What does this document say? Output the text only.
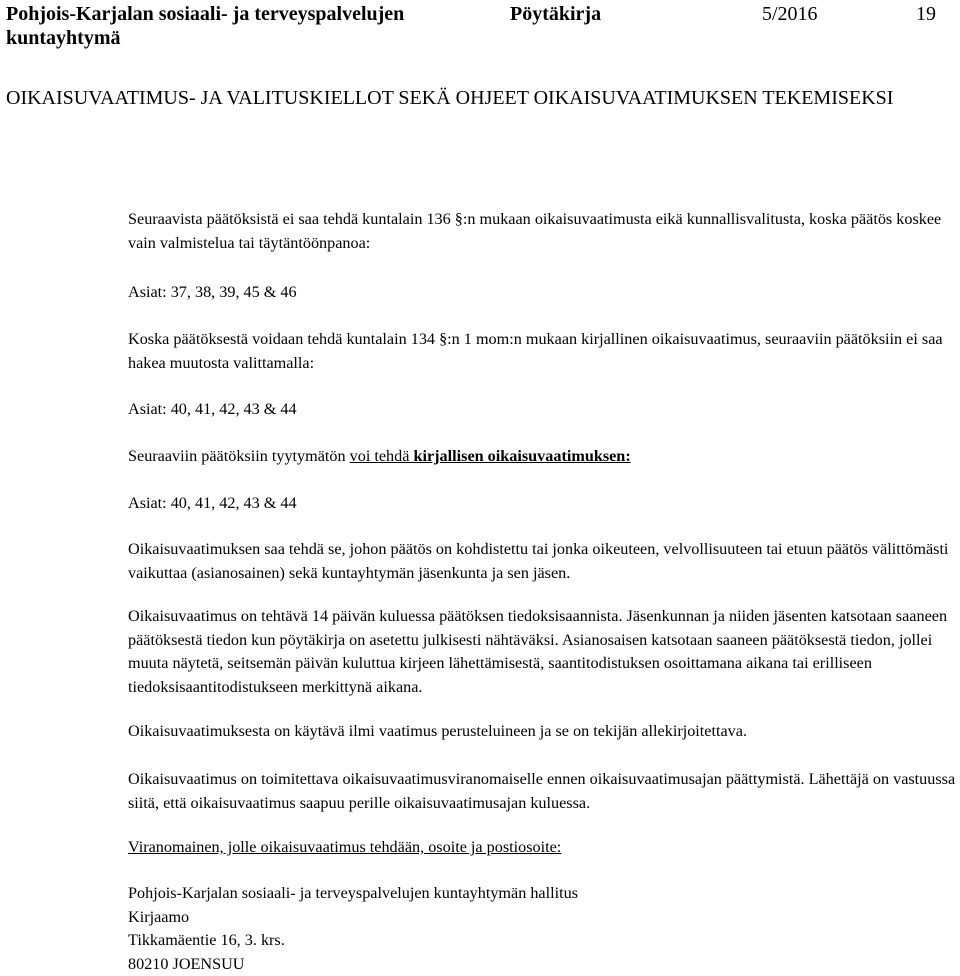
Pohjois-Karjalan sosiaali- ja terveyspalvelujen kuntayhtymä
Pöytäkirja	5/2016	19
OIKAISUVAATIMUS- JA VALITUSKIELLOT SEKÄ OHJEET OIKAISUVAATIMUKSEN TEKEMISEKSI

Seuraavista päätöksistä ei saa tehdä kuntalain 136 §:n mukaan oikaisuvaatimusta eikä kunnallisvalitusta, koska päätös koskee vain valmistelua tai täytäntöönpanoa:

Asiat: 37, 38, 39, 45 & 46

Koska päätöksestä voidaan tehdä kuntalain 134 §:n 1 mom:n mukaan kirjallinen oikaisuvaatimus, seuraaviin päätöksiin ei saa hakea muutosta valittamalla:

Asiat: 40, 41, 42, 43 & 44

Seuraaviin päätöksiin tyytymätön voi tehdä kirjallisen oikaisuvaatimuksen:

Asiat: 40, 41, 42, 43 & 44

Oikaisuvaatimuksen saa tehdä se, johon päätös on kohdistettu tai jonka oikeuteen, velvollisuuteen tai etuun päätös välittömästi vaikuttaa (asianosainen) sekä kuntayhtymän jäsenkunta ja sen jäsen.

Oikaisuvaatimus on tehtävä 14 päivän kuluessa päätöksen tiedoksisaannista. Jäsenkunnan ja niiden jäsenten katsotaan saaneen päätöksestä tiedon kun pöytäkirja on asetettu julkisesti nähtäväksi. Asianosaisen katsotaan saaneen päätöksestä tiedon, jollei muuta näytetä, seitsemän päivän kuluttua kirjeen lähettämisestä, saantitodistuksen osoittamana aikana tai erilliseen tiedoksisaantitodistukseen merkittynä aikana.

Oikaisuvaatimuksesta on käytävä ilmi vaatimus perusteluineen ja se on tekijän allekirjoitettava.

Oikaisuvaatimus on toimitettava oikaisuvaatimusviranomaiselle ennen oikaisuvaatimusajan päättymistä. Lähettäjä on vastuussa siitä, että oikaisuvaatimus saapuu perille oikaisuvaatimusajan kuluessa.

Viranomainen, jolle oikaisuvaatimus tehdään, osoite ja postiosoite:

Pohjois-Karjalan sosiaali- ja terveyspalvelujen kuntayhtymän hallitus

Kirjaamo

Tikkamäentie 16, 3. krs.

80210 JOENSUU
